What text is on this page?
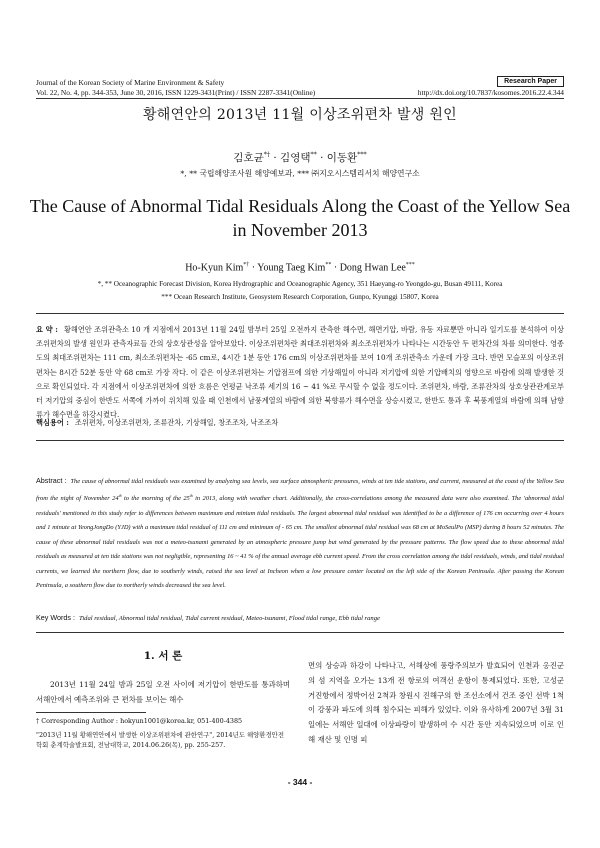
Journal of the Korean Society of Marine Environment & Safety
Vol. 22, No. 4, pp. 344-353, June 30, 2016, ISSN 1229-3431(Print) / ISSN 2287-3341(Online)
Research Paper
http://dx.doi.org/10.7837/kosomes.2016.22.4.344
황해연안의 2013년 11월 이상조위편차 발생 원인
김호균*† · 김영택** · 이동환***
*, ** 국립해양조사원 해양예보과, *** ㈜지오시스템리서치 해양연구소
The Cause of Abnormal Tidal Residuals Along the Coast of the Yellow Sea
in November 2013
Ho-Kyun Kim*† · Young Taeg Kim** · Dong Hwan Lee***
*, ** Oceanographic Forecast Division, Korea Hydrographic and Oceanographic Agency, 351 Haeyang-ro Yeongdo-gu, Busan 49111, Korea
*** Ocean Research Institute, Geosystem Research Corporation, Gunpo, Kyunggi 15807, Korea
요 약 : 황해연안 조위관측소 10 개 지점에서 2013년 11월 24일 밤부터 25일 오전까지 관측한 해수면, 해면기압, 바람, 유동 자료뿐만 아니라 일기도를 분석하여 이상조위편차의 발생 원인과 관측자료들 간의 상호상관성을 알아보았다. 이상조위편차란 최대조위편차와 최소조위편차가 나타나는 시간동안 두 편차간의 차를 의미한다. 영종도의 최대조위편차는 111 cm, 최소조위편차는 -65 cm로, 4시간 1분 동안 176 cm의 이상조위편차를 보여 10개 조위관측소 가운데 가장 크다. 반면 모슬포의 이상조위편차는 8시간 52분 동안 약 68 cm로 가장 작다. 이 같은 이상조위편차는 기압점프에 의한 기상해일이 아니라 저기압에 의한 기압배치의 영향으로 바람에 의해 발생한 것으로 확인되었다. 각 지점에서 이상조위편차에 의한 흐름은 연평균 낙조류 세기의 16 ~ 41 %로 무시할 수 없을 정도이다. 조위편차, 바람, 조류잔차의 상호상관관계로부터 저기압의 중심이 한반도 서쪽에 가까이 위치해 있을 때 인천에서 남풍계열의 바람에 의한 북향류가 해수면을 상승시켰고, 한반도 통과 후 북풍계열의 바람에 의해 남향류가 해수면을 하강시켰다.
핵심용어 : 조위편차, 이상조위편차, 조류잔차, 기상해일, 창조조차, 낙조조차
Abstract : The cause of abnormal tidal residuals was examined by analyzing sea levels, sea surface atmospheric pressures, winds at ten tide stations, and current, measured at the coast of the Yellow Sea from the night of November 24th to the morning of the 25th in 2013, along with weather chart. Additionally, the cross-correlations among the measured data were also examined. The 'abnormal tidal residuals' mentioned in this study refer to differences between maximum and minium tidal residuals. The largest abnormal tidal residual was identified to be a difference of 176 cm occurring over 4 hours and 1 minute at YeongJongDo (YJD) with a maximum tidal residual of 111 cm and minimum of - 65 cm. The smallest abnormal tidal residual was 68 cm at MoSeulPo (MSP) during 8 hours 52 minutes. The cause of these abnormal tidal residuals was not a meteo-tsunami generated by an atmospheric pressure jump but wind generated by the pressure patterns. The flow speed due to these abnormal tidal residuals as measured at ten tide stations was not negligible, representing 16 ~ 41 % of the annual average ebb current speed. From the cross correlation among the tidal residuals, winds, and tidal residual currents, we learned the northern flow, due to southerly winds, raised the sea level at Incheon when a low pressure center located on the left side of the Korean Peninsula. After passing the Korean Peninsula, a southern flow due to northerly winds decreased the sea level.
Key Words : Tidal residual, Abnormal tidal residual, Tidal current residual, Meteo-tsunami, Flood tidal range, Ebb tidal range
1. 서 론
2013년 11월 24일 밤과 25일 오전 사이에 저기압이 한반도를 통과하며 서해안에서 예측조위와 큰 편차를 보이는 해수
면의 상승과 하강이 나타나고, 서해상에 풍랑주의보가 발효되어 인천과 옹진군의 섬 지역을 오가는 13개 전 항로의 여객선 운항이 통제되었다. 또한, 고성군 거진항에서 정박어선 2척과 창원시 진해구의 한 조선소에서 건조 중인 선박 1척이 강풍과 파도에 의해 침수되는 피해가 있었다. 이와 유사하게 2007년 3월 31일에는 서해안 일대에 이상파랑이 발생하여 수 시간 동안 지속되었으며 이로 인해 재산 및 인명 피
† Corresponding Author : hokyun1001@korea.kr, 051-400-4385
"2013년 11월 황해연안에서 발생한 이상조위편차에 관한연구", 2014년도 해양환경안전학회 춘계학술발표회, 전남대학교, 2014.06.26(목), pp. 255-257.
- 344 -
